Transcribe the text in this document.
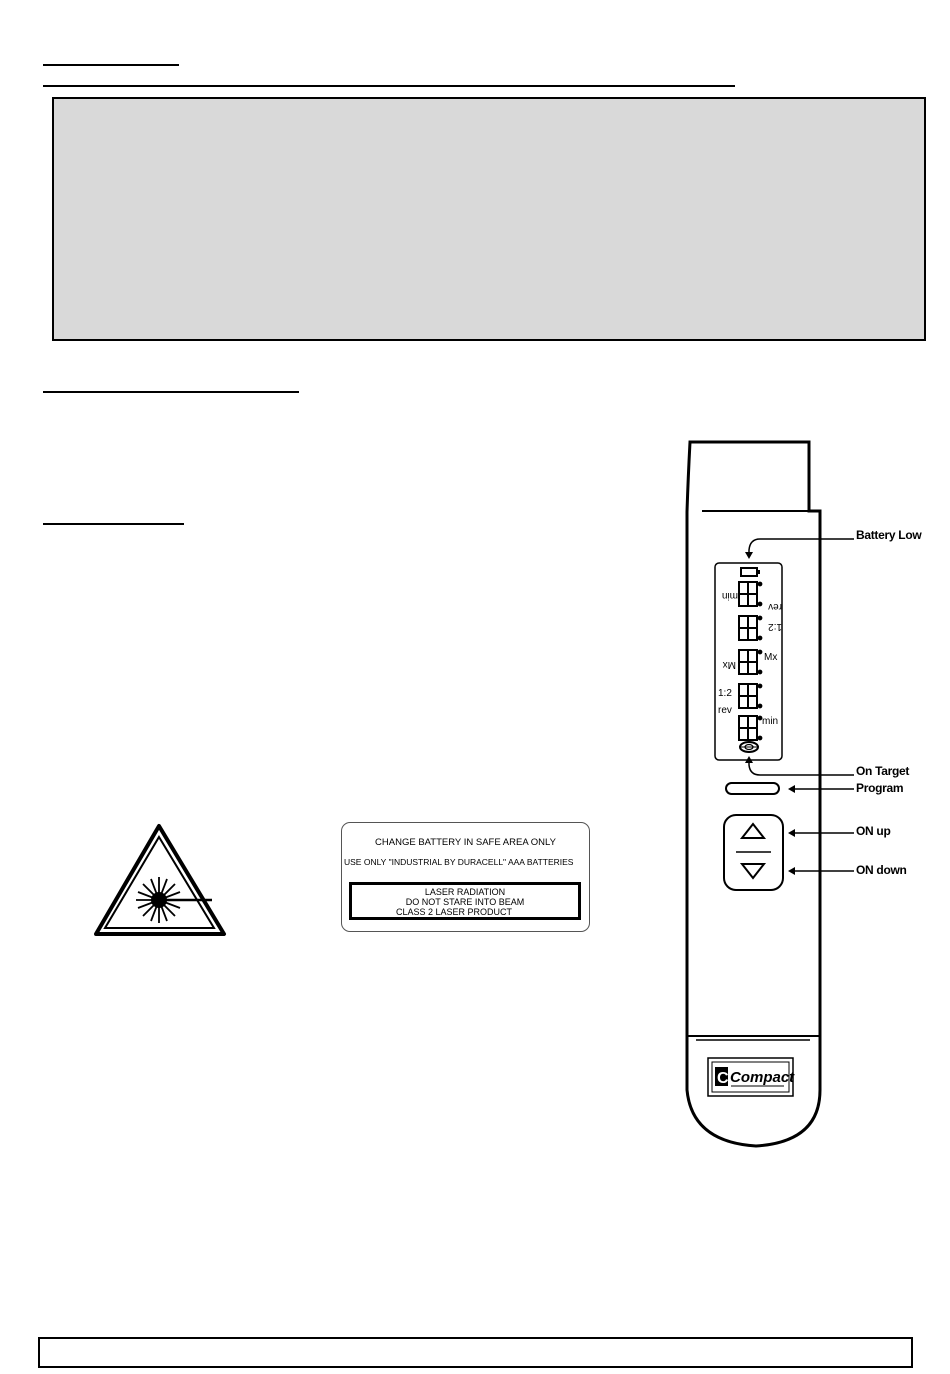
CHANGE BATTERY IN SAFE AREA ONLY
USE ONLY "INDUSTRIAL BY DURACELL" AAA BATTERIES
LASER RADIATION
DO NOT STARE INTO BEAM
CLASS 2 LASER PRODUCT
C Compact
min
rev
1:2
Mx
Mx
1:2
rev
min
Battery Low
On Target
Program
ON up
ON down
